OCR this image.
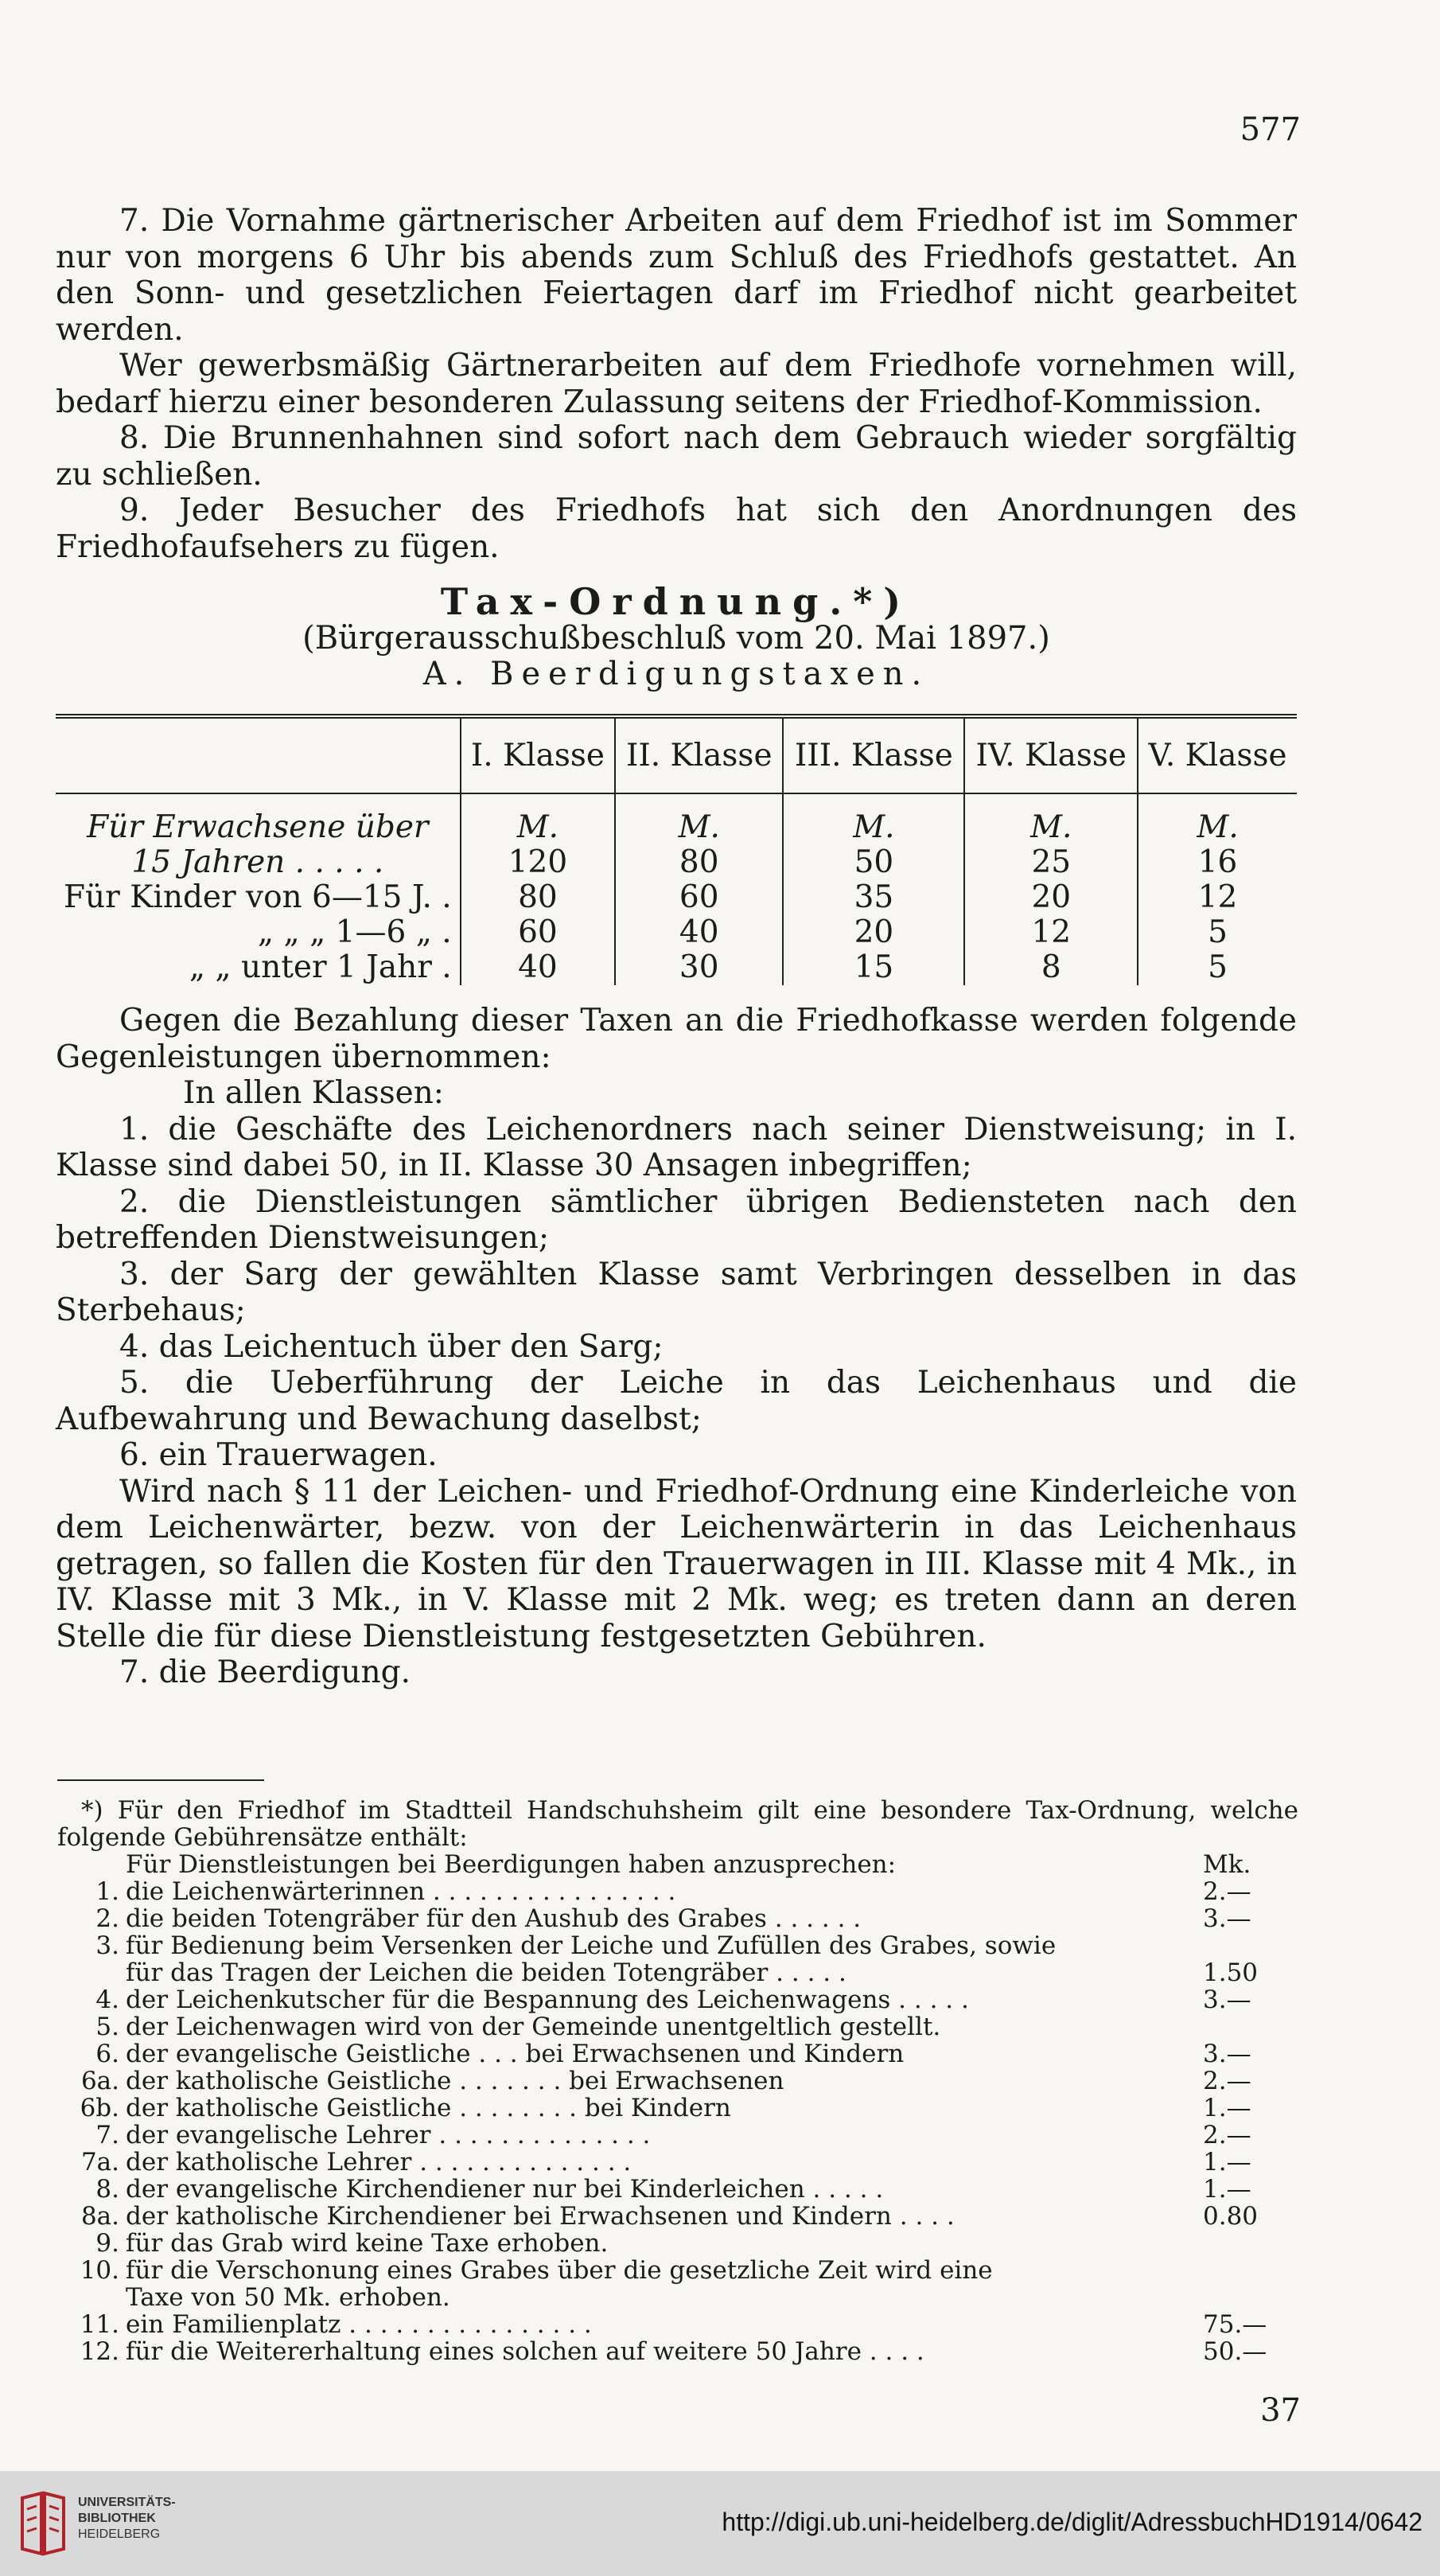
577

7. Die Vornahme gärtnerischer Arbeiten auf dem Friedhof ist im Sommer nur von morgens 6 Uhr bis abends zum Schluß des Friedhofs gestattet. An den Sonn- und gesetzlichen Feiertagen darf im Friedhof nicht gearbeitet werden.

Wer gewerbsmäßig Gärtnerarbeiten auf dem Friedhofe vornehmen will, bedarf hierzu einer besonderen Zulassung seitens der Friedhof-Kommission.

8. Die Brunnenhahnen sind sofort nach dem Gebrauch wieder sorgfältig zu schließen.

9. Jeder Besucher des Friedhofs hat sich den Anordnungen des Friedhofaufsehers zu fügen.

Tax-Ordnung.*)

(Bürgerausschußbeschluß vom 20. Mai 1897.)

A. Beerdigungstaxen.

	I. Klasse	II. Klasse	III. Klasse	IV. Klasse	V. Klasse
Für Erwachsene über 15 Jahren . . . . .	M.	M.	M.	M.	M.
	120	80	50	25	16
Für Kinder von 6—15 J. .	80	60	35	20	12
„ „ „ 1—6 „ .	60	40	20	12	5
„ „ unter 1 Jahr .	40	30	15	8	5

Gegen die Bezahlung dieser Taxen an die Friedhofkasse werden folgende Gegenleistungen übernommen:

In allen Klassen:

1. die Geschäfte des Leichenordners nach seiner Dienstweisung; in I. Klasse sind dabei 50, in II. Klasse 30 Ansagen inbegriffen;

2. die Dienstleistungen sämtlicher übrigen Bediensteten nach den betreffenden Dienstweisungen;

3. der Sarg der gewählten Klasse samt Verbringen desselben in das Sterbehaus;

4. das Leichentuch über den Sarg;

5. die Ueberführung der Leiche in das Leichenhaus und die Aufbewahrung und Bewachung daselbst;

6. ein Trauerwagen.

Wird nach § 11 der Leichen- und Friedhof-Ordnung eine Kinderleiche von dem Leichenwärter, bezw. von der Leichenwärterin in das Leichenhaus getragen, so fallen die Kosten für den Trauerwagen in III. Klasse mit 4 Mk., in IV. Klasse mit 3 Mk., in V. Klasse mit 2 Mk. weg; es treten dann an deren Stelle die für diese Dienstleistung festgesetzten Gebühren.

7. die Beerdigung.

*) Für den Friedhof im Stadtteil Handschuhsheim gilt eine besondere Tax-Ordnung, welche folgende Gebührensätze enthält:

Für Dienstleistungen bei Beerdigungen haben anzusprechen:	Mk.
1. die Leichenwärterinnen . . . . . . . . . . . . . . . .	2.—
2. die beiden Totengräber für den Aushub des Grabes . . . . . .	3.—
3. für Bedienung beim Versenken der Leiche und Zufüllen des Grabes, sowie
für das Tragen der Leichen die beiden Totengräber . . . . .	1.50
4. der Leichenkutscher für die Bespannung des Leichenwagens . . . . .	3.—
5. der Leichenwagen wird von der Gemeinde unentgeltlich gestellt.
6. der evangelische Geistliche . . . bei Erwachsenen und Kindern	3.—
6a. der katholische Geistliche . . . . . . . bei Erwachsenen	2.—
6b. der katholische Geistliche . . . . . . . . bei Kindern	1.—
7. der evangelische Lehrer . . . . . . . . . . . . . .	2.—
7a. der katholische Lehrer . . . . . . . . . . . . . .	1.—
8. der evangelische Kirchendiener nur bei Kinderleichen . . . . .	1.—
8a. der katholische Kirchendiener bei Erwachsenen und Kindern . . . .	0.80
9. für das Grab wird keine Taxe erhoben.
10. für die Verschonung eines Grabes über die gesetzliche Zeit wird eine
Taxe von 50 Mk. erhoben.
11. ein Familienplatz . . . . . . . . . . . . . . . .	75.—
12. für die Weitererhaltung eines solchen auf weitere 50 Jahre . . . .	50.—
37
UNIVERSITÄTS-
BIBLIOTHEK
HEIDELBERG	http://digi.ub.uni-heidelberg.de/diglit/AdressbuchHD1914/0642
